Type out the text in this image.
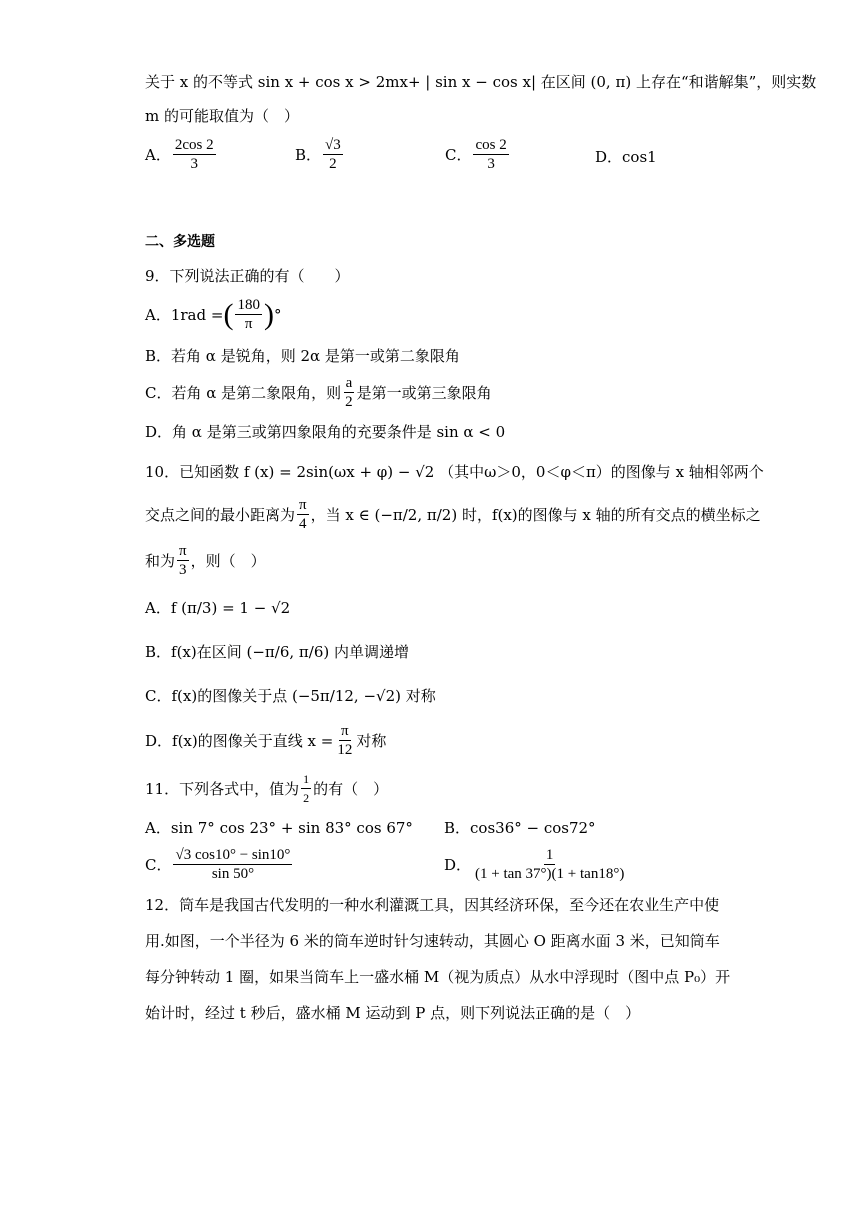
关于 x 的不等式 sin x + cos x > 2mx+ | sin x − cos x| 在区间 (0, π) 上存在“和谐解集”，则实数
m 的可能取值为（　）
A． $\frac{2\cos 2}{3}$	B． $\frac{√3}{2}$	C． $\frac{\cos 2}{3}$	D． cos1
二、多选题
9．下列说法正确的有（　　）
A．1rad = ( $\frac{180}{\pi}$ ) °
B．若角 α 是锐角，则 2α 是第一或第二象限角
C．若角 α 是第二象限角，则 $\frac{a}{2}$ 是第一或第三象限角
D．角 α 是第三或第四象限角的充要条件是 sin α < 0
10．已知函数 f (x) = 2sin(ωx + φ) − √2 （其中ω＞0，0＜φ＜π）的图像与 x 轴相邻两个
交点之间的最小距离为 $\frac{\pi}{4}$ ，当 x ∈ (−π/2, π/2) 时，f(x)的图像与 x 轴的所有交点的横坐标之
和为 $\frac{\pi}{3}$ ，则（　）
A．f (π/3) = 1 − √2
B．f(x)在区间 (−π/6, π/6) 内单调递增
C．f(x)的图像关于点 (−5π/12, −√2) 对称
D．f(x)的图像关于直线 $x = \frac{\pi}{12}$ 对称
11．下列各式中，值为 $\frac{1}{2}$ 的有（　）
A．sin 7° cos 23° + sin 83° cos 67° B．cos36° − cos72°
C． $\frac{√3 \cos 10^\circ - \sin 10^\circ}{\sin 50^\circ}$	D． $\frac{1}{(1 + \tan 37^\circ)(1 + \tan 18^\circ)}$
12．筒车是我国古代发明的一种水利灌溉工具，因其经济环保，至今还在农业生产中使
用.如图，一个半径为 6 米的筒车逆时针匀速转动，其圆心 O 距离水面 3 米，已知筒车
每分钟转动 1 圈，如果当筒车上一盛水桶 M（视为质点）从水中浮现时（图中点 P₀）开
始计时，经过 t 秒后，盛水桶 M 运动到 P 点，则下列说法正确的是（　）
